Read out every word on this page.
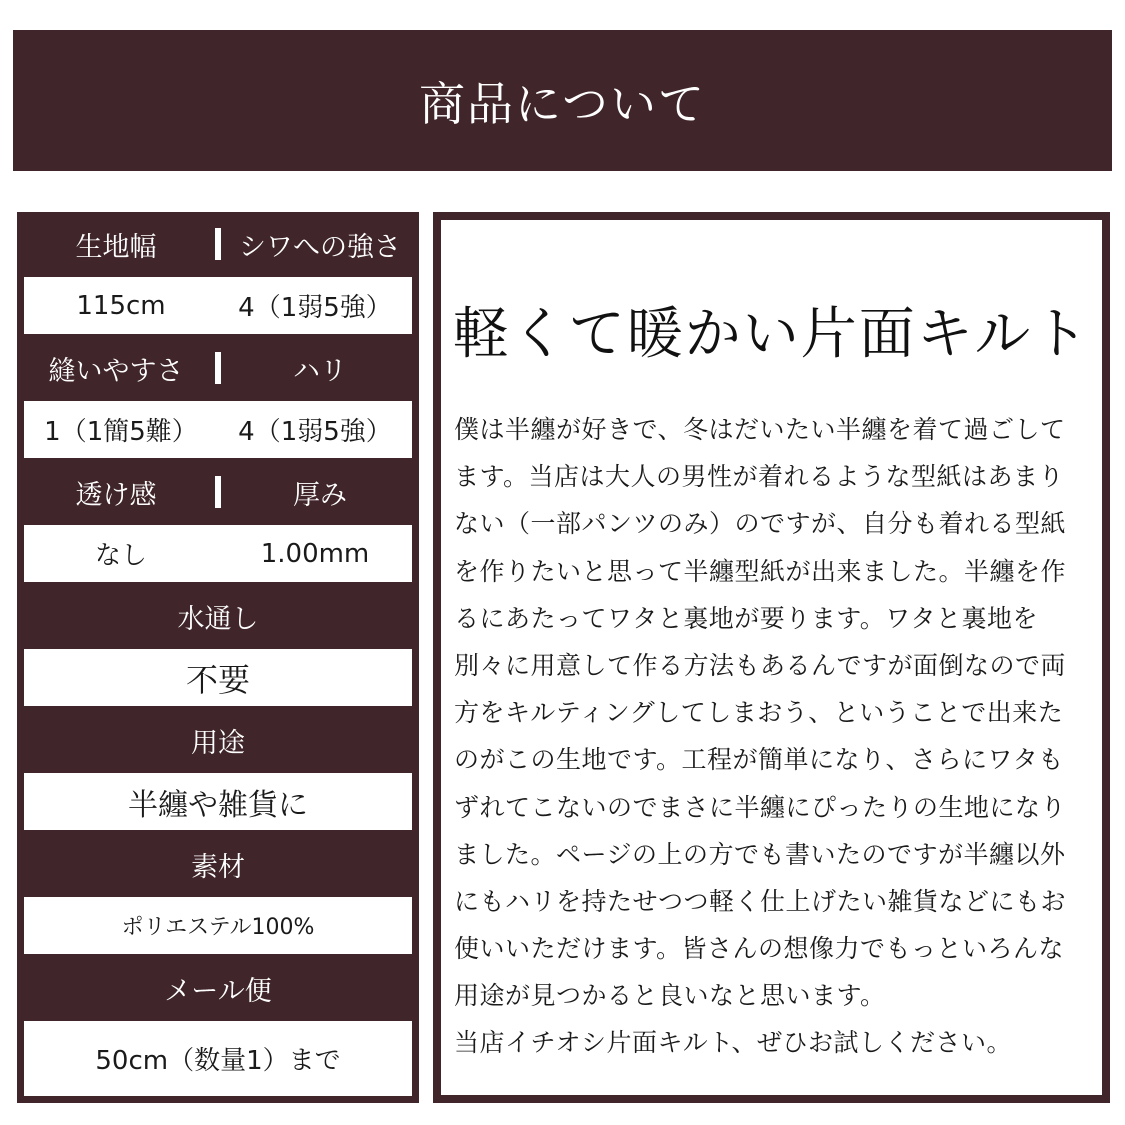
商品について
生地幅	シワへの強さ
115cm	4（1弱5強）
縫いやすさ	ハリ
1（1簡5難）	4（1弱5強）
透け感	厚み
なし	1.00mm
水通し
不要
用途
半纏や雑貨に
素材
ポリエステル100%
メール便
50cm（数量1）まで
軽くて暖かい片面キルト
僕は半纏が好きで、冬はだいたい半纏を着て過ごして
ます。当店は大人の男性が着れるような型紙はあまり
ない（一部パンツのみ）のですが、自分も着れる型紙
を作りたいと思って半纏型紙が出来ました。半纏を作
るにあたってワタと裏地が要ります。ワタと裏地を
別々に用意して作る方法もあるんですが面倒なので両
方をキルティングしてしまおう、ということで出来た
のがこの生地です。工程が簡単になり、さらにワタも
ずれてこないのでまさに半纏にぴったりの生地になり
ました。ページの上の方でも書いたのですが半纏以外
にもハリを持たせつつ軽く仕上げたい雑貨などにもお
使いいただけます。皆さんの想像力でもっといろんな
用途が見つかると良いなと思います。
当店イチオシ片面キルト、ぜひお試しください。
